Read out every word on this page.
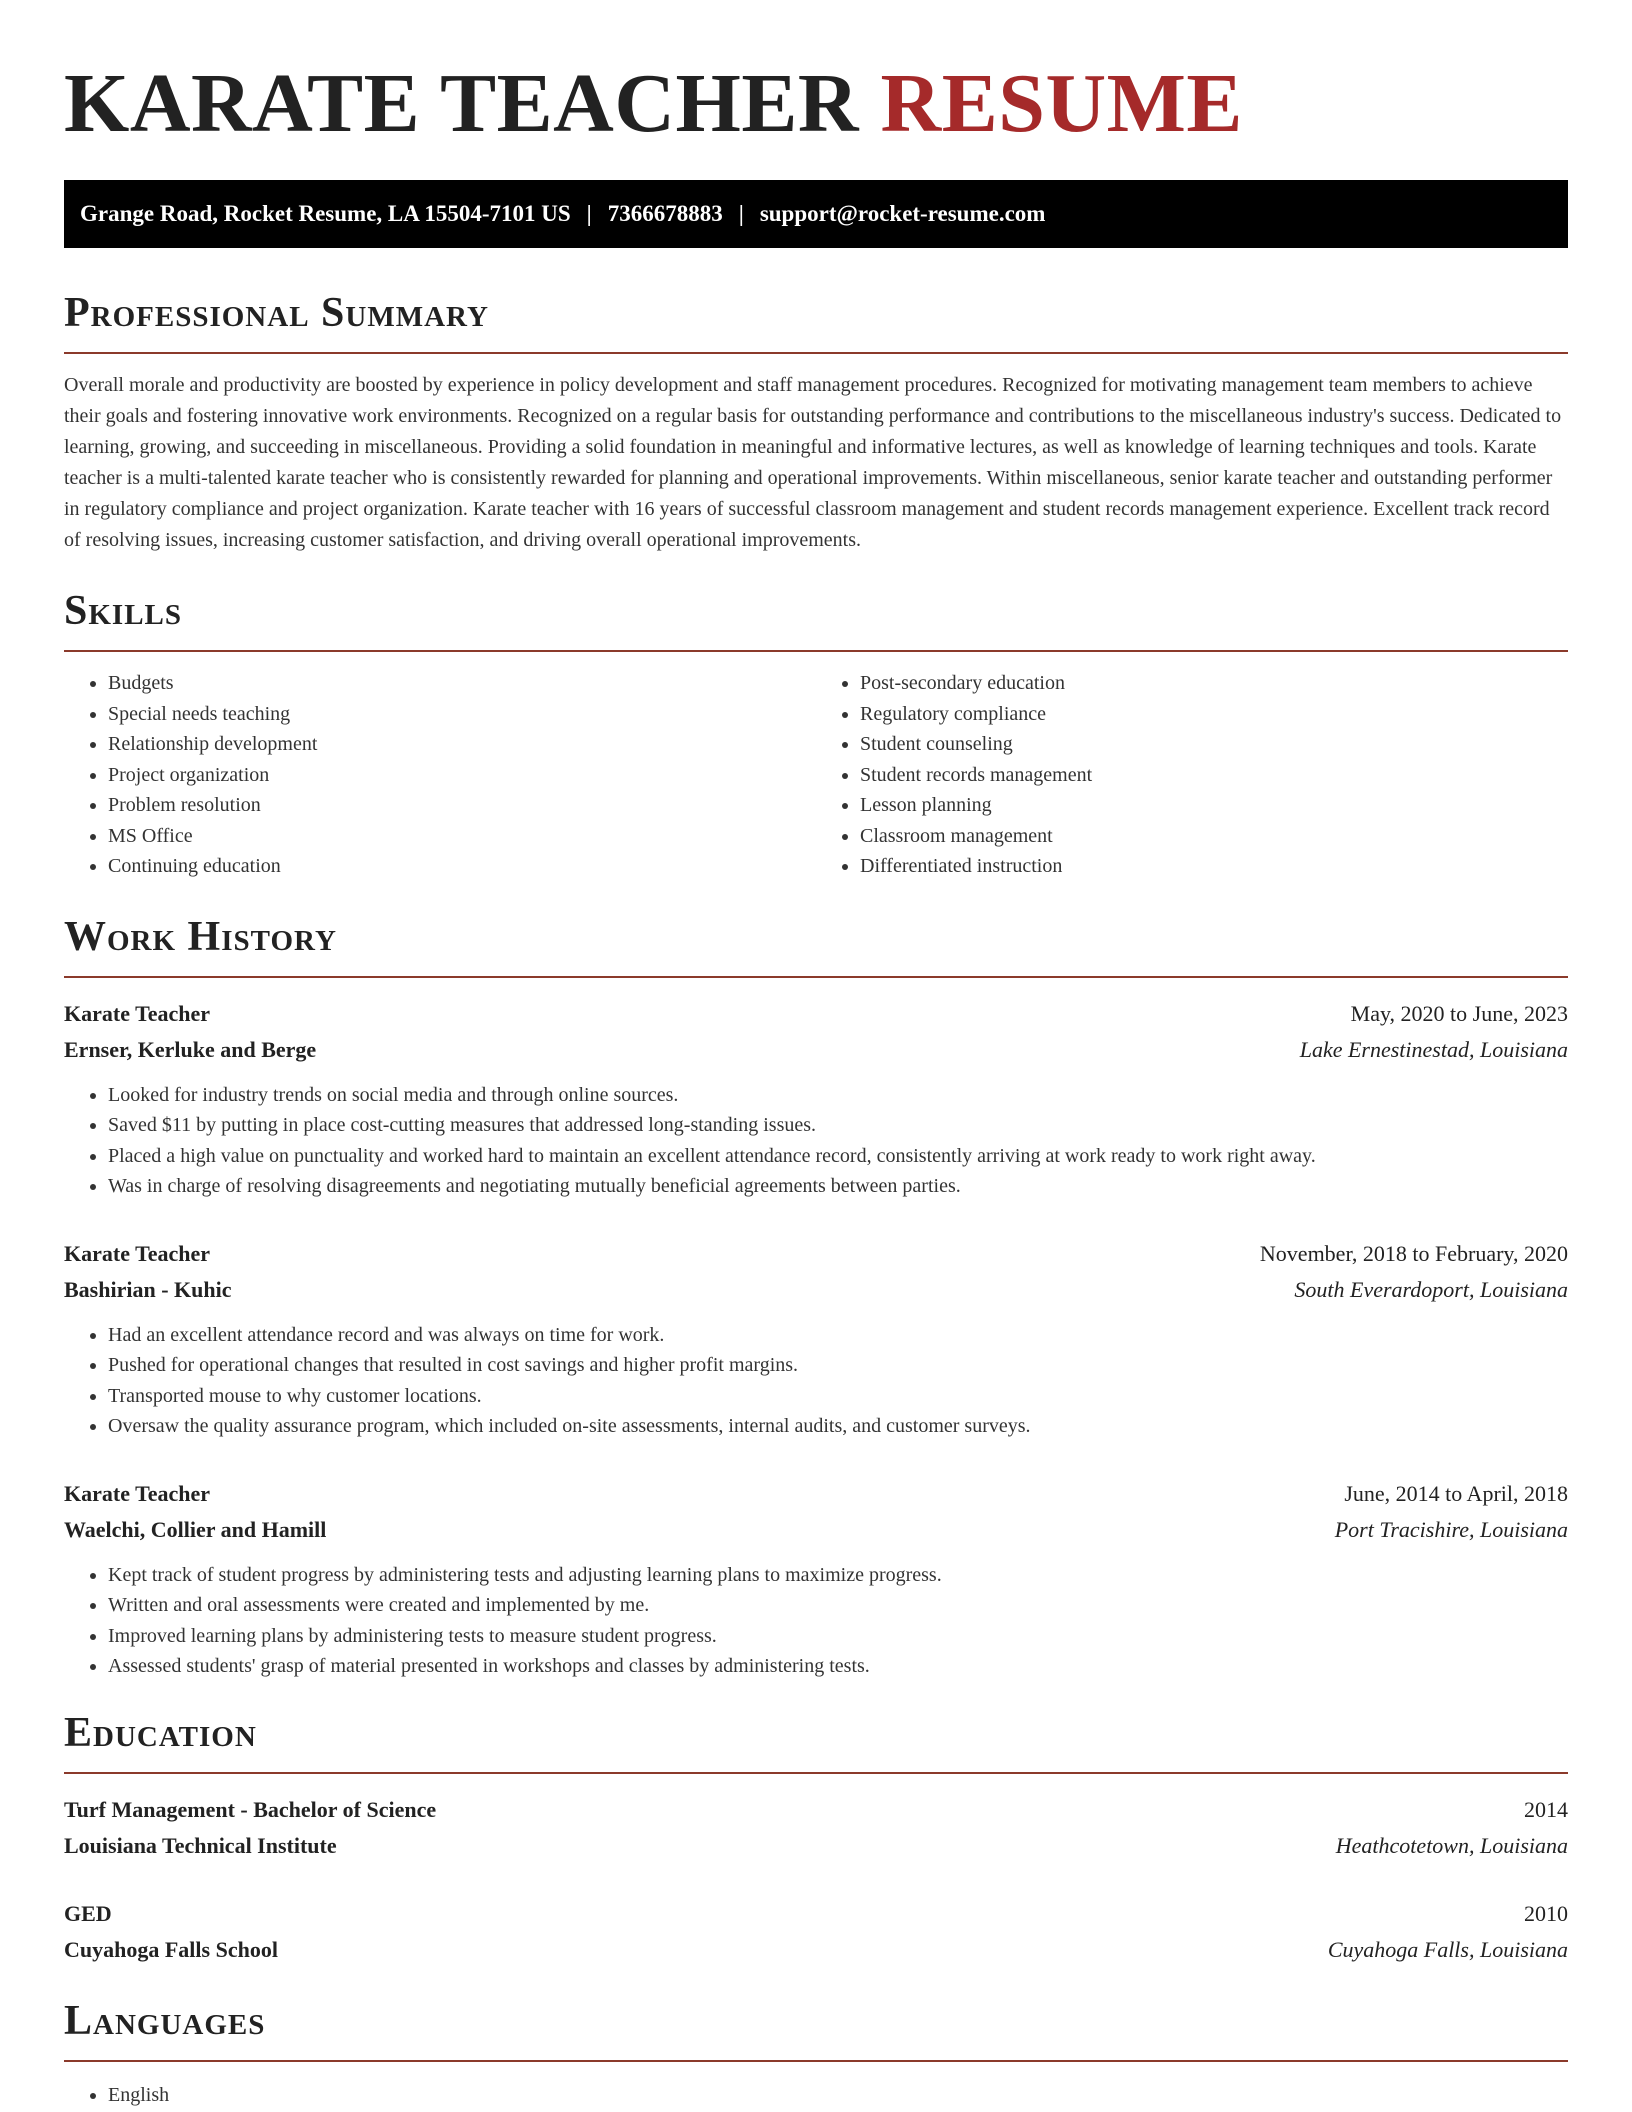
KARATE TEACHER RESUME
Grange Road, Rocket Resume, LA 15504-7101 US | 7366678883 | support@rocket-resume.com
Professional Summary

Overall morale and productivity are boosted by experience in policy development and staff management procedures. Recognized for motivating management team members to achieve their goals and fostering innovative work environments. Recognized on a regular basis for outstanding performance and contributions to the miscellaneous industry's success. Dedicated to learning, growing, and succeeding in miscellaneous. Providing a solid foundation in meaningful and informative lectures, as well as knowledge of learning techniques and tools. Karate teacher is a multi-talented karate teacher who is consistently rewarded for planning and operational improvements. Within miscellaneous, senior karate teacher and outstanding performer in regulatory compliance and project organization. Karate teacher with 16 years of successful classroom management and student records management experience. Excellent track record of resolving issues, increasing customer satisfaction, and driving overall operational improvements.

Skills
• Budgets
• Special needs teaching
• Relationship development
• Project organization
• Problem resolution
• MS Office
• Continuing education
• Post-secondary education
• Regulatory compliance
• Student counseling
• Student records management
• Lesson planning
• Classroom management
• Differentiated instruction
Work History
Karate Teacher	May, 2020 to June, 2023
Ernser, Kerluke and Berge	Lake Ernestinestad, Louisiana
• Looked for industry trends on social media and through online sources.
• Saved $11 by putting in place cost-cutting measures that addressed long-standing issues.
• Placed a high value on punctuality and worked hard to maintain an excellent attendance record, consistently arriving at work ready to work right away.
• Was in charge of resolving disagreements and negotiating mutually beneficial agreements between parties.
Karate Teacher	November, 2018 to February, 2020
Bashirian - Kuhic	South Everardoport, Louisiana
• Had an excellent attendance record and was always on time for work.
• Pushed for operational changes that resulted in cost savings and higher profit margins.
• Transported mouse to why customer locations.
• Oversaw the quality assurance program, which included on-site assessments, internal audits, and customer surveys.
Karate Teacher	June, 2014 to April, 2018
Waelchi, Collier and Hamill	Port Tracishire, Louisiana
• Kept track of student progress by administering tests and adjusting learning plans to maximize progress.
• Written and oral assessments were created and implemented by me.
• Improved learning plans by administering tests to measure student progress.
• Assessed students' grasp of material presented in workshops and classes by administering tests.
Education
Turf Management - Bachelor of Science	2014
Louisiana Technical Institute	Heathcotetown, Louisiana
GED	2010
Cuyahoga Falls School	Cuyahoga Falls, Louisiana
Languages
• English
